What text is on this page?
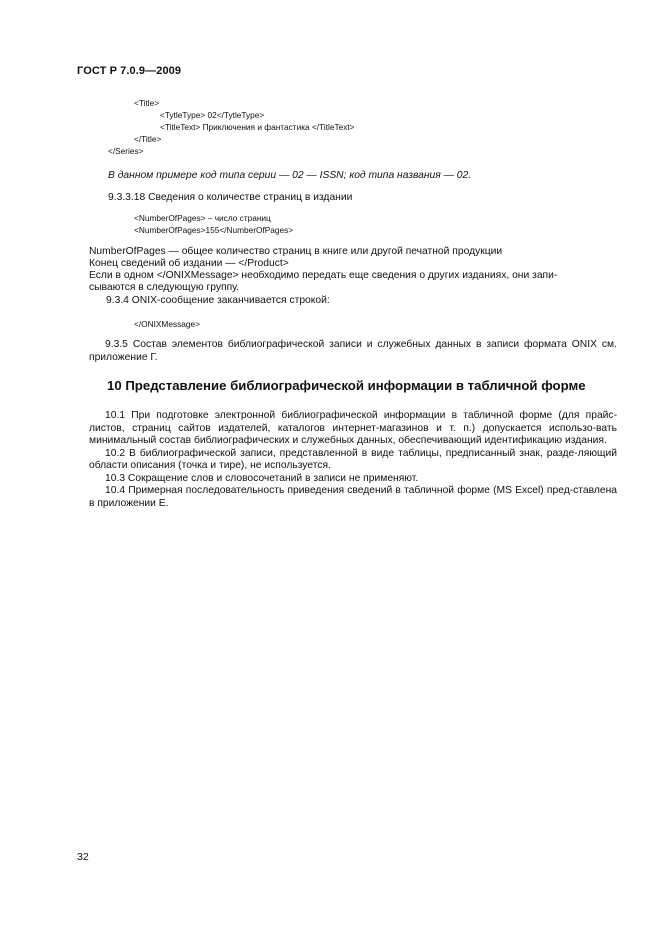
ГОСТ Р 7.0.9—2009
<Title>
<TytleType> 02</TytleType>
<TitleText> Приключения и фантастика </TitleText>
</Title>
</Series>
В данном примере код типа серии — 02 — ISSN; код типа названия — 02.
9.3.3.18 Сведения о количестве страниц в издании
<NumberOfPages> – число страниц
<NumberOfPages>155</NumberOfPages>
NumberOfPages — общее количество страниц в книге или другой печатной продукции
Конец сведений об издании — </Product>
Если в одном </ONIXMessage> необходимо передать еще сведения о других изданиях, они запи-
сываются в следующую группу.
9.3.4 ONIX-сообщение заканчивается строкой:
</ONIXMessage>

9.3.5 Состав элементов библиографической записи и служебных данных в записи формата ONIX см. приложение Г.

10 Представление библиографической информации в табличной форме

10.1 При подготовке электронной библиографической информации в табличной форме (для прайс-листов, страниц сайтов издателей, каталогов интернет-магазинов и т. п.) допускается использо-вать минимальный состав библиографических и служебных данных, обеспечивающий идентификацию издания.

10.2 В библиографической записи, представленной в виде таблицы, предписанный знак, разде-ляющий области описания (точка и тире), не используется.

10.3 Сокращение слов и словосочетаний в записи не применяют.

10.4 Примерная последовательность приведения сведений в табличной форме (MS Excel) пред-ставлена в приложении Е.

32
